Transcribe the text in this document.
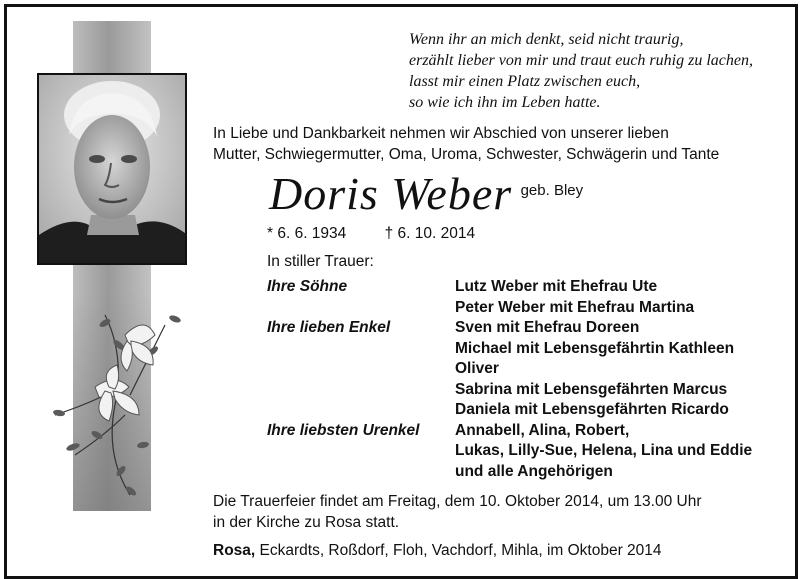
Wenn ihr an mich denkt, seid nicht traurig,
erzählt lieber von mir und traut euch ruhig zu lachen,
lasst mir einen Platz zwischen euch,
so wie ich ihn im Leben hatte.
In Liebe und Dankbarkeit nehmen wir Abschied von unserer lieben
Mutter, Schwiegermutter, Oma, Uroma, Schwester, Schwägerin und Tante
Doris Weber geb. Bley
* 6. 6. 1934 † 6. 10. 2014
In stiller Trauer:
Ihre Söhne	Lutz Weber mit Ehefrau Ute
Peter Weber mit Ehefrau Martina
Ihre lieben Enkel	Sven mit Ehefrau Doreen
Michael mit Lebensgefährtin Kathleen
Oliver
Sabrina mit Lebensgefährten Marcus
Daniela mit Lebensgefährten Ricardo
Ihre liebsten Urenkel	Annabell, Alina, Robert,
Lukas, Lilly-Sue, Helena, Lina und Eddie
und alle Angehörigen
Die Trauerfeier findet am Freitag, dem 10. Oktober 2014, um 13.00 Uhr
in der Kirche zu Rosa statt.
Rosa, Eckardts, Roßdorf, Floh, Vachdorf, Mihla, im Oktober 2014
